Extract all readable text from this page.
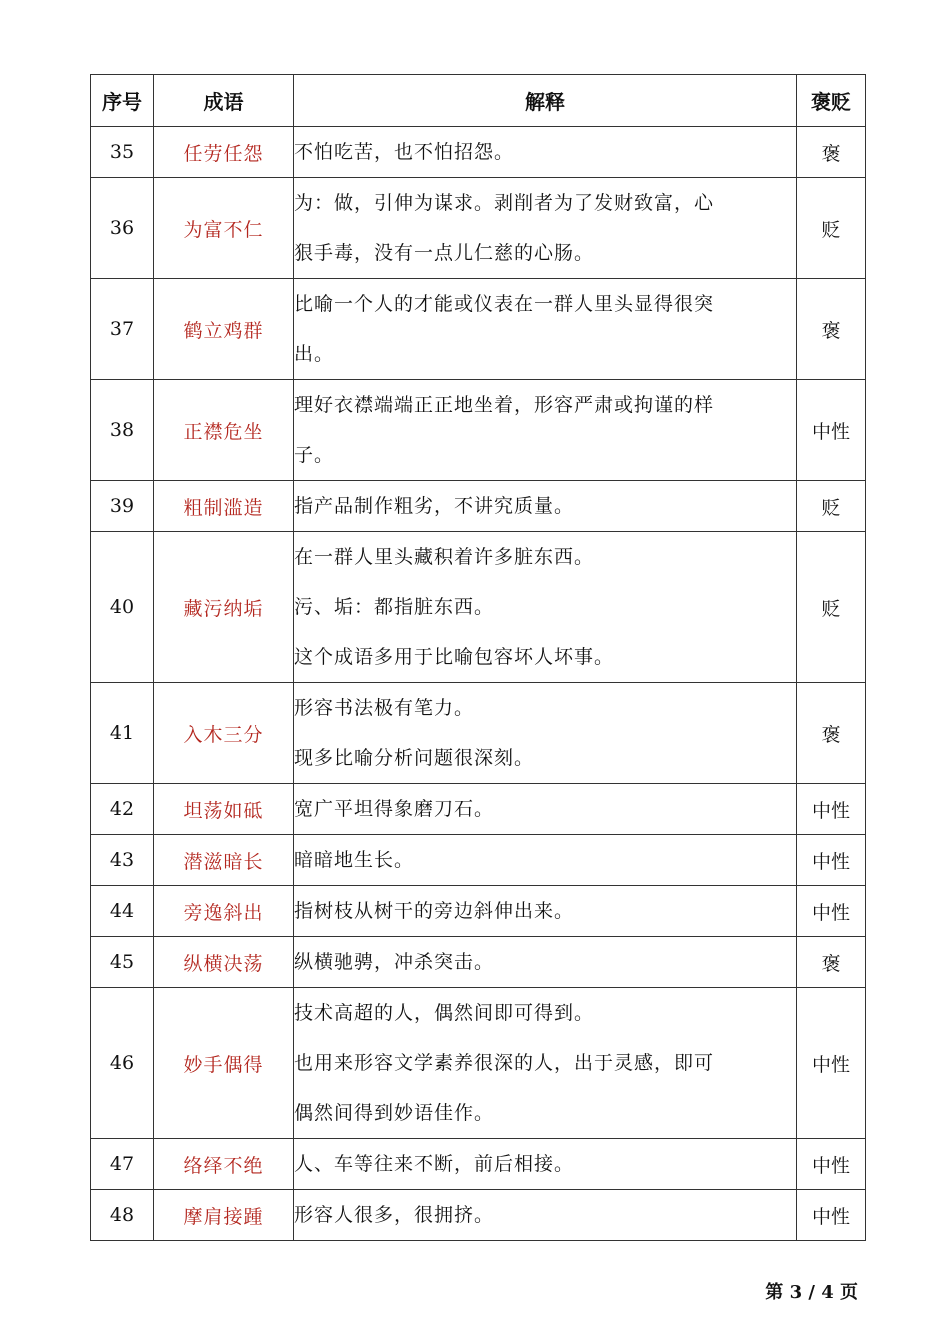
序号	成语	解释	褒贬
35	任劳任怨	不怕吃苦，也不怕招怨。	褒
36	为富不仁	为：做，引伸为谋求。剥削者为了发财致富，心
狠手毒，没有一点儿仁慈的心肠。	贬
37	鹤立鸡群	比喻一个人的才能或仪表在一群人里头显得很突
出。	褒
38	正襟危坐	理好衣襟端端正正地坐着，形容严肃或拘谨的样
子。	中性
39	粗制滥造	指产品制作粗劣，不讲究质量。	贬
40	藏污纳垢	在一群人里头藏积着许多脏东西。
污、垢：都指脏东西。
这个成语多用于比喻包容坏人坏事。	贬
41	入木三分	形容书法极有笔力。
现多比喻分析问题很深刻。	褒
42	坦荡如砥	宽广平坦得象磨刀石。	中性
43	潜滋暗长	暗暗地生长。	中性
44	旁逸斜出	指树枝从树干的旁边斜伸出来。	中性
45	纵横决荡	纵横驰骋，冲杀突击。	褒
46	妙手偶得	技术高超的人，偶然间即可得到。
也用来形容文学素养很深的人，出于灵感，即可
偶然间得到妙语佳作。	中性
47	络绎不绝	人、车等往来不断，前后相接。	中性
48	摩肩接踵	形容人很多，很拥挤。	中性
第 3 / 4 页
